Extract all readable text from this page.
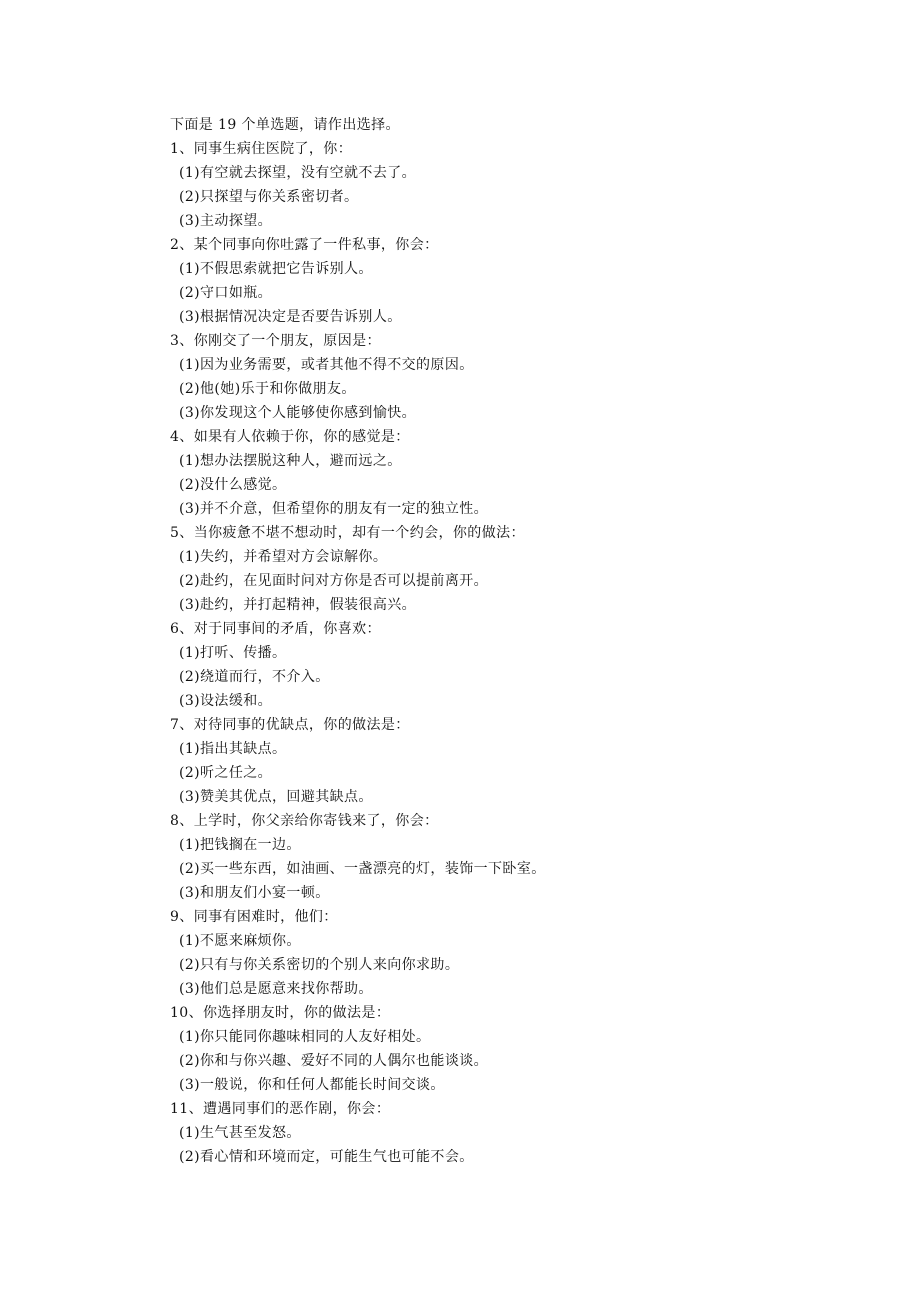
下面是 19 个单选题，请作出选择。
1、同事生病住医院了，你：
(1)有空就去探望，没有空就不去了。
(2)只探望与你关系密切者。
(3)主动探望。
2、某个同事向你吐露了一件私事，你会：
(1)不假思索就把它告诉别人。
(2)守口如瓶。
(3)根据情况决定是否要告诉别人。
3、你刚交了一个朋友，原因是：
(1)因为业务需要，或者其他不得不交的原因。
(2)他(她)乐于和你做朋友。
(3)你发现这个人能够使你感到愉快。
4、如果有人依赖于你，你的感觉是：
(1)想办法摆脱这种人，避而远之。
(2)没什么感觉。
(3)并不介意，但希望你的朋友有一定的独立性。
5、当你疲惫不堪不想动时，却有一个约会，你的做法：
(1)失约，并希望对方会谅解你。
(2)赴约，在见面时问对方你是否可以提前离开。
(3)赴约，并打起精神，假装很高兴。
6、对于同事间的矛盾，你喜欢：
(1)打听、传播。
(2)绕道而行，不介入。
(3)设法缓和。
7、对待同事的优缺点，你的做法是：
(1)指出其缺点。
(2)听之任之。
(3)赞美其优点，回避其缺点。
8、上学时，你父亲给你寄钱来了，你会：
(1)把钱搁在一边。
(2)买一些东西，如油画、一盏漂亮的灯，装饰一下卧室。
(3)和朋友们小宴一顿。
9、同事有困难时，他们：
(1)不愿来麻烦你。
(2)只有与你关系密切的个别人来向你求助。
(3)他们总是愿意来找你帮助。
10、你选择朋友时，你的做法是：
(1)你只能同你趣味相同的人友好相处。
(2)你和与你兴趣、爱好不同的人偶尔也能谈谈。
(3)一般说，你和任何人都能长时间交谈。
11、遭遇同事们的恶作剧，你会：
(1)生气甚至发怒。
(2)看心情和环境而定，可能生气也可能不会。
